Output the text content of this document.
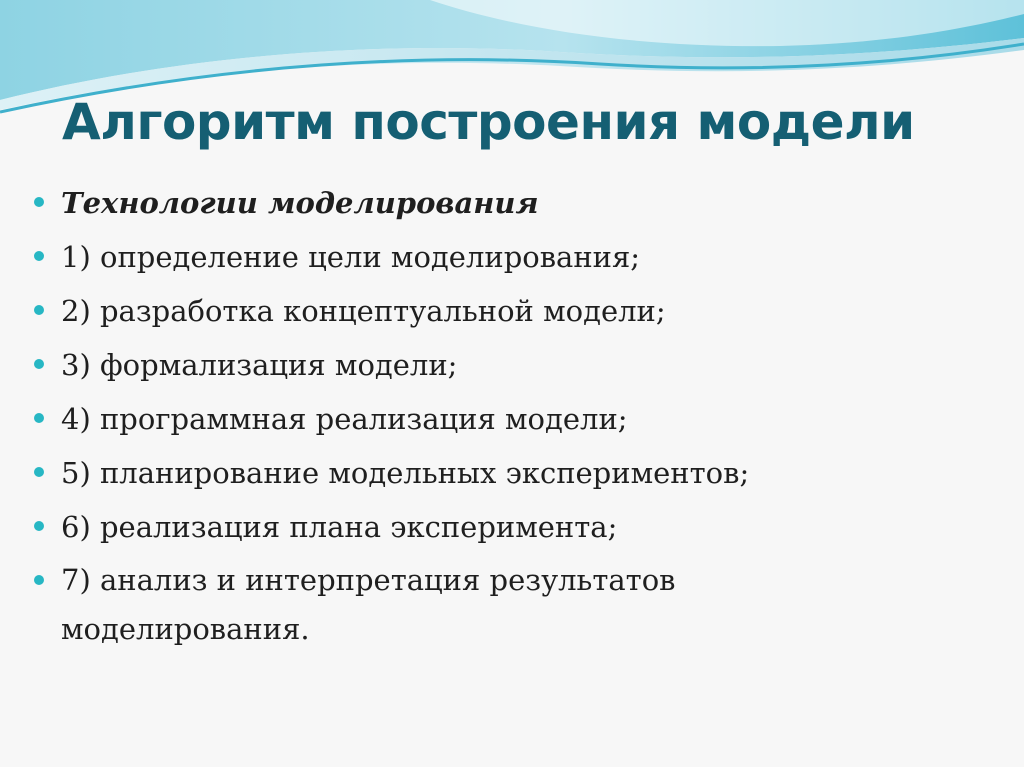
Алгоритм построения модели
Технологии моделирования
1) определение цели моделирования;
2) разработка концептуальной модели;
3) формализация модели;
4) программная реализация модели;
5) планирование модельных экспериментов;
6) реализация плана эксперимента;
7) анализ и интерпретация результатов моделирования.
